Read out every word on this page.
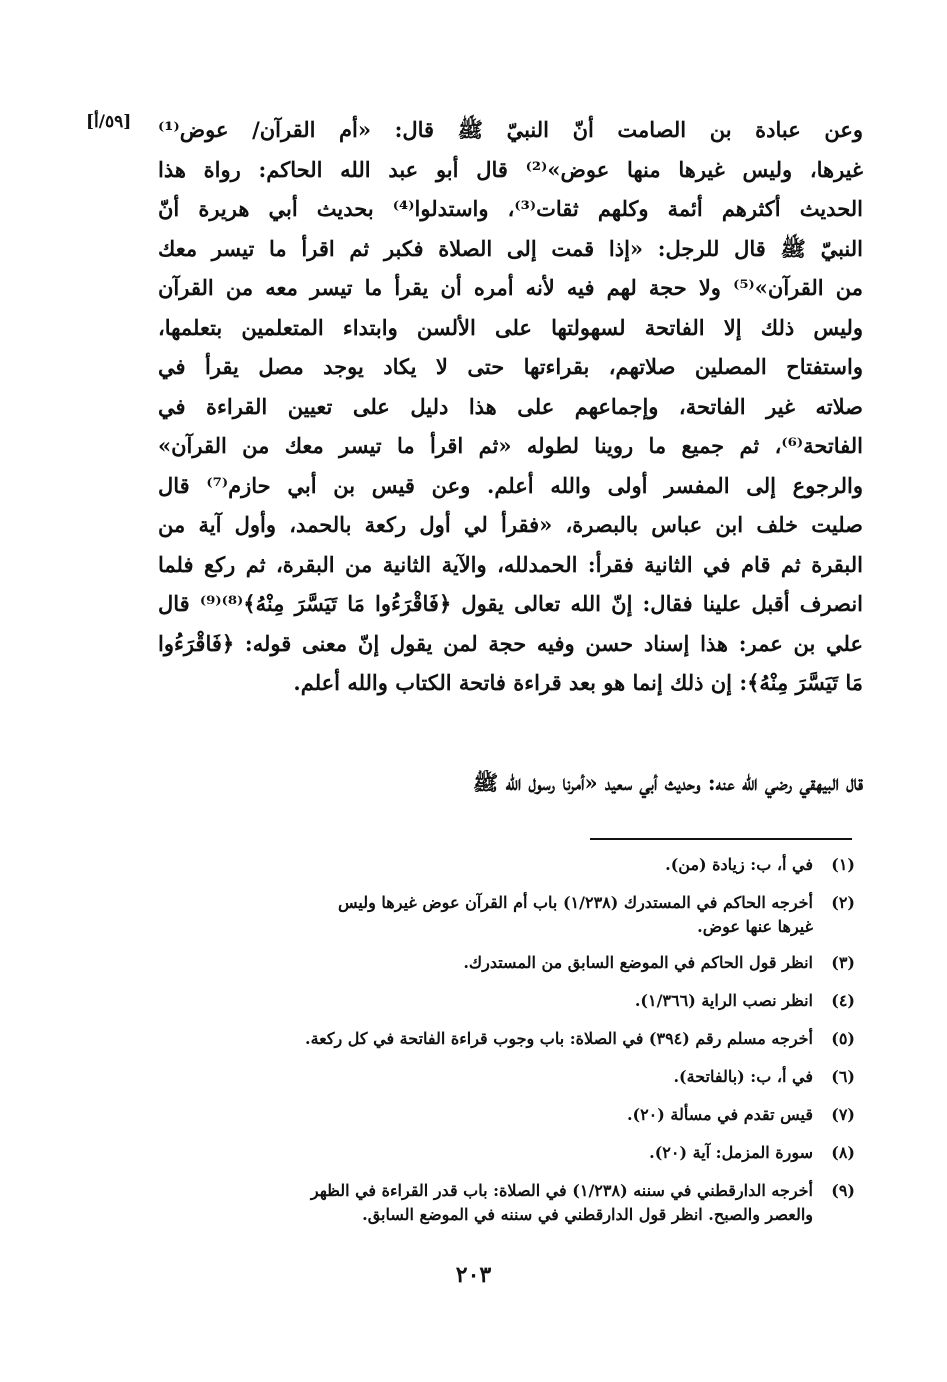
[٥٩/أ] وعن عبادة بن الصامت أنّ النبيّ ﷺ قال: «أم القرآن/ عوض⁽¹⁾
غيرها، وليس غيرها منها عوض»⁽²⁾ قال أبو عبد الله الحاكم: رواة هذا
الحديث أكثرهم أئمة وكلهم ثقات⁽³⁾، واستدلوا⁽⁴⁾ بحديث أبي هريرة أنّ
النبيّ ﷺ قال للرجل: «إذا قمت إلى الصلاة فكبر ثم اقرأ ما تيسر معك
من القرآن»⁽⁵⁾ ولا حجة لهم فيه لأنه أمره أن يقرأ ما تيسر معه من القرآن
وليس ذلك إلا الفاتحة لسهولتها على الألسن وابتداء المتعلمين بتعلمها،
واستفتاح المصلين صلاتهم، بقراءتها حتى لا يكاد يوجد مصل يقرأ في
صلاته غير الفاتحة، وإجماعهم على هذا دليل على تعيين القراءة في
الفاتحة⁽⁶⁾، ثم جميع ما روينا لطوله «ثم اقرأ ما تيسر معك من القرآن»
والرجوع إلى المفسر أولى والله أعلم. وعن قيس بن أبي حازم⁽⁷⁾ قال
صليت خلف ابن عباس بالبصرة، «فقرأ لي أول ركعة بالحمد، وأول آية من
البقرة ثم قام في الثانية فقرأ: الحمدلله، والآية الثانية من البقرة، ثم ركع فلما
انصرف أقبل علينا فقال: إنّ الله تعالى يقول ﴿فَاقْرَءُوا مَا تَيَسَّرَ مِنْهُ﴾⁽⁸⁾⁽⁹⁾ قال
علي بن عمر: هذا إسناد حسن وفيه حجة لمن يقول إنّ معنى قوله: ﴿فَاقْرَءُوا
مَا تَيَسَّرَ مِنْهُ﴾: إن ذلك إنما هو بعد قراءة فاتحة الكتاب والله أعلم.
قال البيهقي رضي الله عنه: وحديث أبي سعيد «أمرنا رسول الله ﷺ
(١)
في أ، ب: زيادة (من).
(٢)
أخرجه الحاكم في المستدرك (١/٢٣٨) باب أم القرآن عوض غيرها وليس
غيرها عنها عوض.
(٣)
انظر قول الحاكم في الموضع السابق من المستدرك.
(٤)
انظر نصب الراية (١/٣٦٦).
(٥)
أخرجه مسلم رقم (٣٩٤) في الصلاة: باب وجوب قراءة الفاتحة في كل ركعة.
(٦)
في أ، ب: (بالفاتحة).
(٧)
قيس تقدم في مسألة (٢٠).
(٨)
سورة المزمل: آية (٢٠).
(٩)
أخرجه الدارقطني في سننه (١/٢٣٨) في الصلاة: باب قدر القراءة في الظهر
والعصر والصبح. انظر قول الدارقطني في سننه في الموضع السابق.
٢٠٣
